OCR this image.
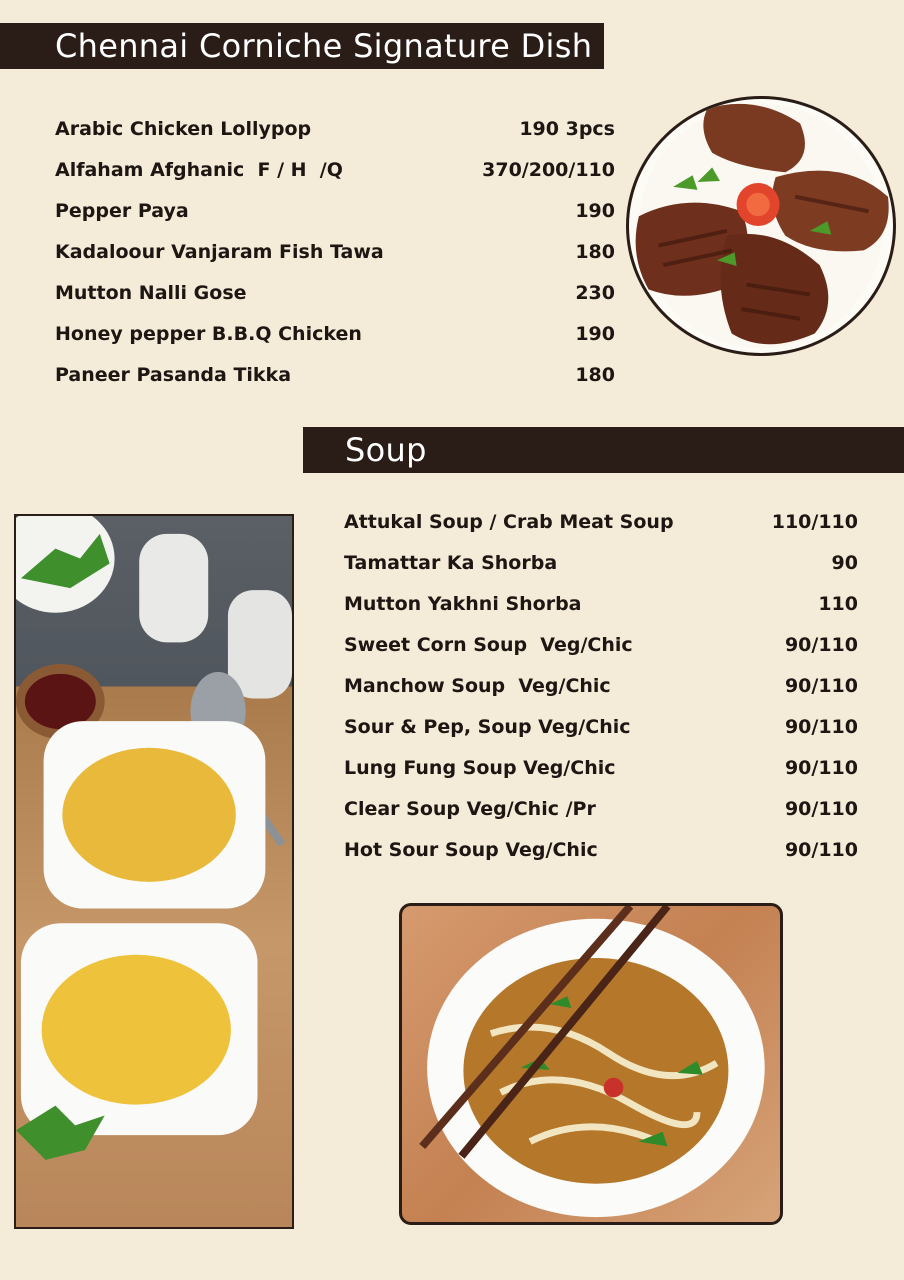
Chennai Corniche Signature Dish
Arabic Chicken Lollypop	190 3pcs
Alfaham Afghanic  F / H  /Q	370/200/110
Pepper Paya	190
Kadaloour Vanjaram Fish Tawa	180
Mutton Nalli Gose	230
Honey pepper B.B.Q Chicken	190
Paneer Pasanda Tikka	180
Soup
Attukal Soup / Crab Meat Soup	110/110
Tamattar Ka Shorba	90
Mutton Yakhni Shorba	110
Sweet Corn Soup  Veg/Chic	90/110
Manchow Soup  Veg/Chic	90/110
Sour & Pep, Soup Veg/Chic	90/110
Lung Fung Soup Veg/Chic	90/110
Clear Soup Veg/Chic /Pr	90/110
Hot Sour Soup Veg/Chic	90/110
